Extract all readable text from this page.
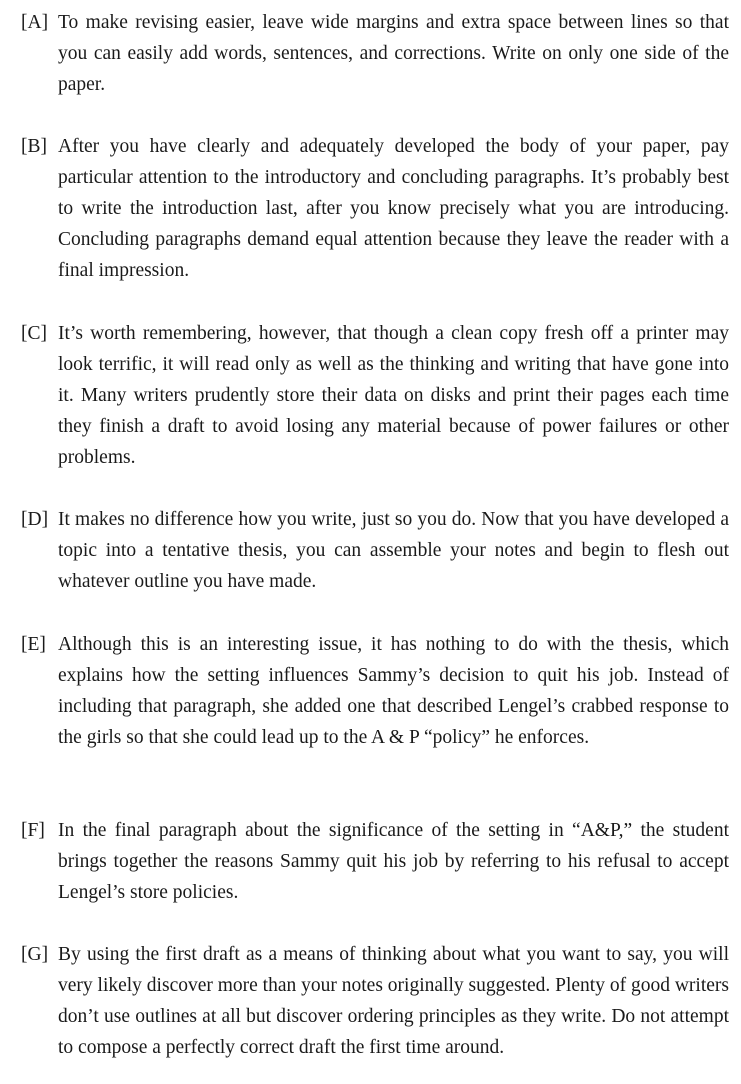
[A] To make revising easier, leave wide margins and extra space between lines so that you can easily add words, sentences, and corrections. Write on only one side of the paper.
[B] After you have clearly and adequately developed the body of your paper, pay particular attention to the introductory and concluding paragraphs. It’s probably best to write the introduction last, after you know precisely what you are introducing. Concluding paragraphs demand equal attention because they leave the reader with a final impression.
[C] It’s worth remembering, however, that though a clean copy fresh off a printer may look terrific, it will read only as well as the thinking and writing that have gone into it. Many writers prudently store their data on disks and print their pages each time they finish a draft to avoid losing any material because of power failures or other problems.
[D] It makes no difference how you write, just so you do. Now that you have developed a topic into a tentative thesis, you can assemble your notes and begin to flesh out whatever outline you have made.
[E] Although this is an interesting issue, it has nothing to do with the thesis, which explains how the setting influences Sammy’s decision to quit his job. Instead of including that paragraph, she added one that described Lengel’s crabbed response to the girls so that she could lead up to the A & P “policy” he enforces.
[F] In the final paragraph about the significance of the setting in “A&P,” the student brings together the reasons Sammy quit his job by referring to his refusal to accept Lengel’s store policies.
[G] By using the first draft as a means of thinking about what you want to say, you will very likely discover more than your notes originally suggested. Plenty of good writers don’t use outlines at all but discover ordering principles as they write. Do not attempt to compose a perfectly correct draft the first time around.
